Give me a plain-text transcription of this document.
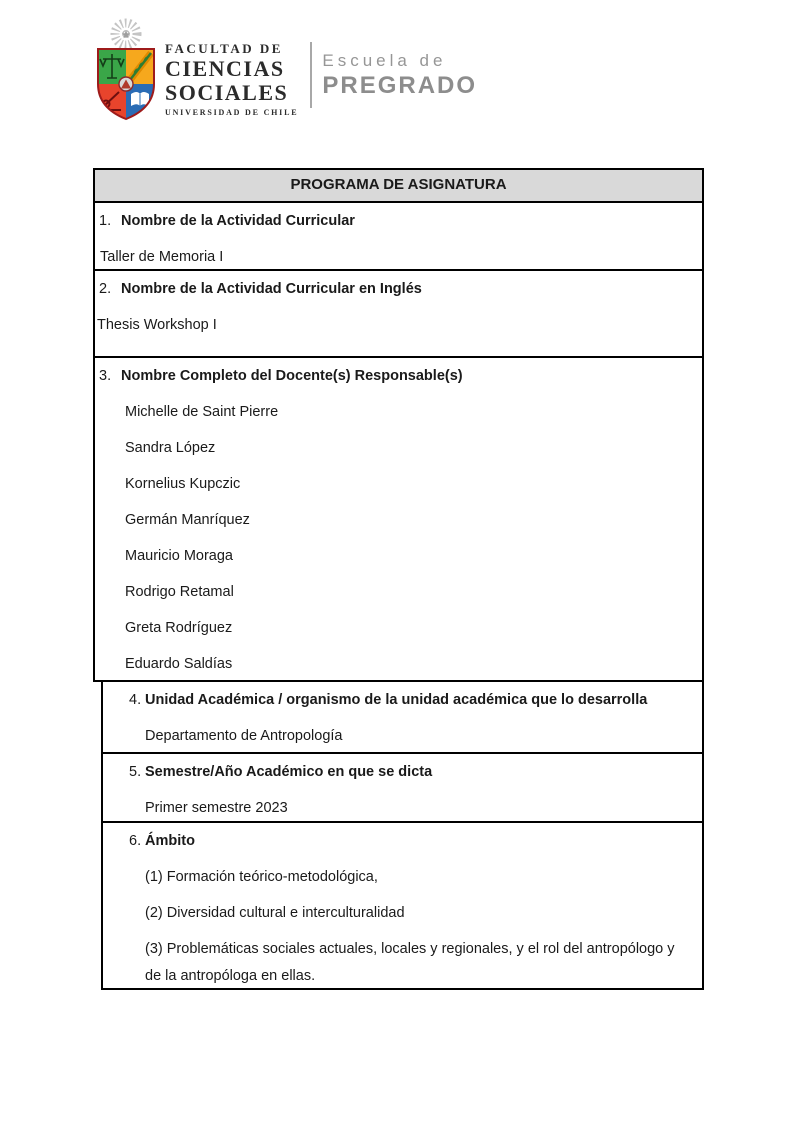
FACULTAD DE
CIENCIAS
SOCIALES
UNIVERSIDAD DE CHILE
Escuela de
PREGRADO
PROGRAMA DE ASIGNATURA

1. Nombre de la Actividad Curricular

Taller de Memoria I

2. Nombre de la Actividad Curricular en Inglés

Thesis Workshop I

3. Nombre Completo del Docente(s) Responsable(s)

Michelle de Saint Pierre

Sandra López

Kornelius Kupczic

Germán Manríquez

Mauricio Moraga

Rodrigo Retamal

Greta Rodríguez

Eduardo Saldías

4. Unidad Académica / organismo de la unidad académica que lo desarrolla

Departamento de Antropología

5. Semestre/Año Académico en que se dicta

Primer semestre 2023

6. Ámbito

(1) Formación teórico-metodológica,

(2) Diversidad cultural e interculturalidad

(3) Problemáticas sociales actuales, locales y regionales, y el rol del antropólogo y de la antropóloga en ellas.
